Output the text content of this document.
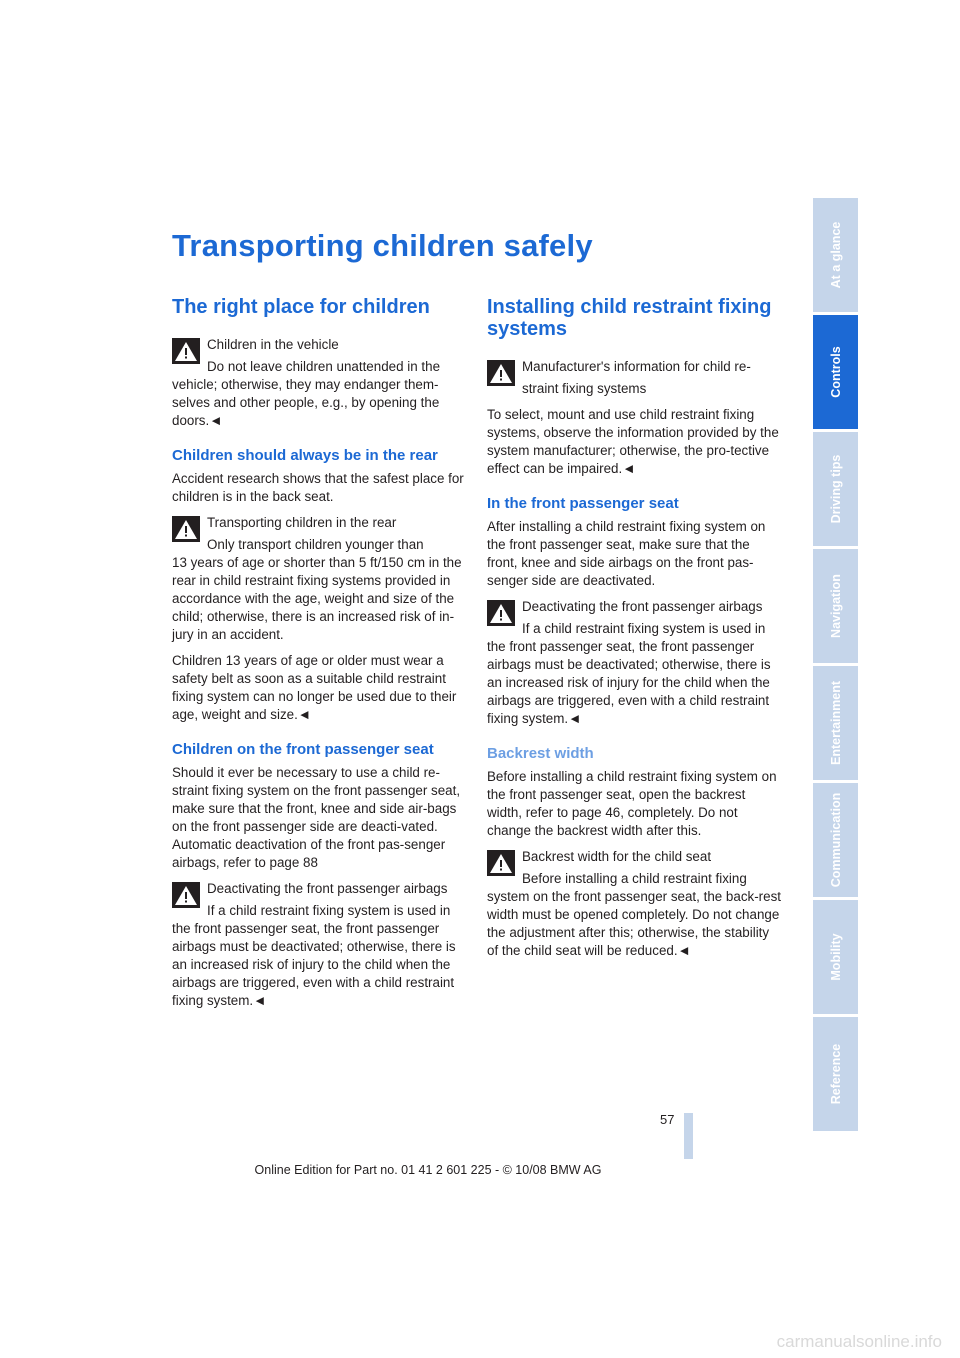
Transporting children safely
The right place for children

Children in the vehicle

Do not leave children unattended in the

vehicle; otherwise, they may endanger them-selves and other people, e.g., by opening the doors.◄

Children should always be in the rear

Accident research shows that the safest place for children is in the back seat.

Transporting children in the rear

Only transport children younger than

13 years of age or shorter than 5 ft/150 cm in the rear in child restraint fixing systems provided in accordance with the age, weight and size of the child; otherwise, there is an increased risk of in-jury in an accident.

Children 13 years of age or older must wear a safety belt as soon as a suitable child restraint fixing system can no longer be used due to their age, weight and size.◄

Children on the front passenger seat

Should it ever be necessary to use a child re-straint fixing system on the front passenger seat, make sure that the front, knee and side air-bags on the front passenger side are deacti-vated. Automatic deactivation of the front pas-senger airbags, refer to page 88

Deactivating the front passenger airbags

If a child restraint fixing system is used in

the front passenger seat, the front passenger airbags must be deactivated; otherwise, there is an increased risk of injury to the child when the airbags are triggered, even with a child restraint fixing system.◄

Installing child restraint fixing systems

Manufacturer's information for child re-

straint fixing systems

To select, mount and use child restraint fixing systems, observe the information provided by the system manufacturer; otherwise, the pro-tective effect can be impaired.◄

In the front passenger seat

After installing a child restraint fixing system on the front passenger seat, make sure that the front, knee and side airbags on the front pas-senger side are deactivated.

Deactivating the front passenger airbags

If a child restraint fixing system is used in

the front passenger seat, the front passenger airbags must be deactivated; otherwise, there is an increased risk of injury for the child when the airbags are triggered, even with a child restraint fixing system.◄

Backrest width

Before installing a child restraint fixing system on the front passenger seat, open the backrest width, refer to page 46, completely. Do not change the backrest width after this.

Backrest width for the child seat

Before installing a child restraint fixing

system on the front passenger seat, the back-rest width must be opened completely. Do not change the adjustment after this; otherwise, the stability of the child seat will be reduced.◄

At a glance
Controls
Driving tips
Navigation
Entertainment
Communication
Mobility
Reference
57
Online Edition for Part no. 01 41 2 601 225 - © 10/08 BMW AG
carmanualsonline.info
